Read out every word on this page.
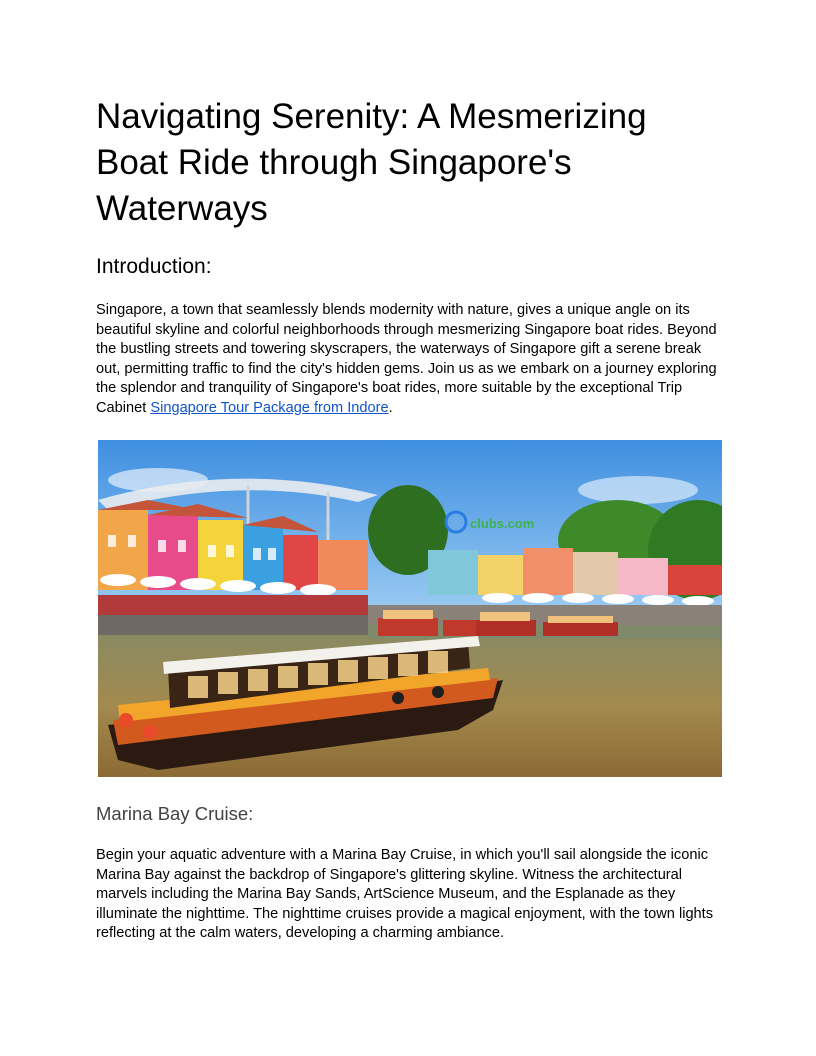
Navigating Serenity: A Mesmerizing Boat Ride through Singapore's Waterways
Introduction:

Singapore, a town that seamlessly blends modernity with nature, gives a unique angle on its beautiful skyline and colorful neighborhoods through mesmerizing Singapore boat rides. Beyond the bustling streets and towering skyscrapers, the waterways of Singapore gift a serene break out, permitting traffic to find the city's hidden gems. Join us as we embark on a journey exploring the splendor and tranquility of Singapore's boat rides, more suitable by the exceptional Trip Cabinet Singapore Tour Package from Indore.

Marina Bay Cruise:

Begin your aquatic adventure with a Marina Bay Cruise, in which you'll sail alongside the iconic Marina Bay against the backdrop of Singapore's glittering skyline. Witness the architectural marvels including the Marina Bay Sands, ArtScience Museum, and the Esplanade as they illuminate the nighttime. The nighttime cruises provide a magical enjoyment, with the town lights reflecting at the calm waters, developing a charming ambiance.

clubs.com
